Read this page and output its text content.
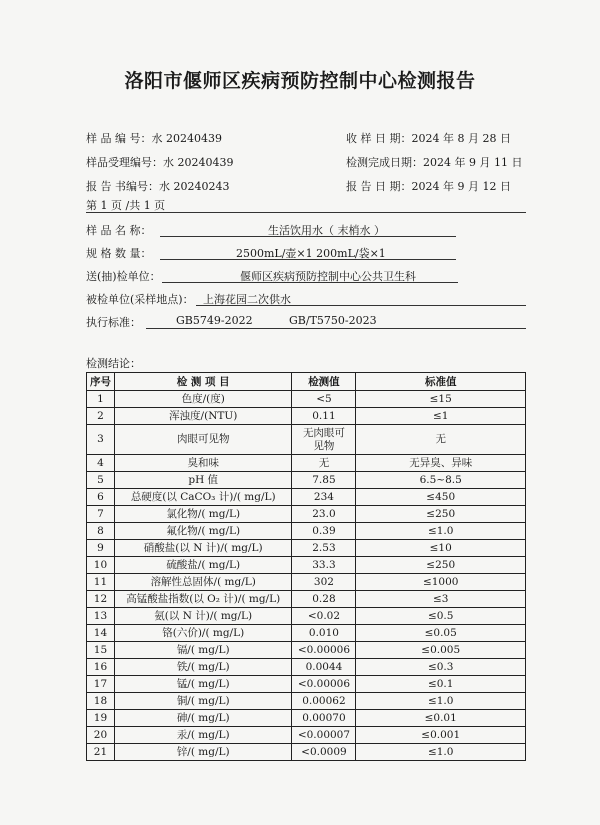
洛阳市偃师区疾病预防控制中心检测报告
样 品 编 号：水 20240439
样品受理编号：水 20240439
报 告 书编号：水 20240243
收 样 日 期：2024 年 8 月 28 日
检测完成日期：2024 年 9 月 11 日
报 告 日 期：2024 年 9 月 12 日
第 1 页 /共 1 页
样 品 名 称：	生活饮用水（ 末梢水 ）
规 格 数 量：	2500mL/壶×1 200mL/袋×1
送(抽)检单位：	偃师区疾病预防控制中心公共卫生科
被检单位(采样地点)： 上海花园二次供水
执行标准：	GB5749-2022	GB/T5750-2023
检测结论：
序号	检 测 项 目	检测值	标准值
1	色度/(度)	<5	≤15
2	浑浊度/(NTU)	0.11	≤1
3	肉眼可见物	无肉眼可见物	无
4	臭和味	无	无异臭、异味
5	pH 值	7.85	6.5~8.5
6	总硬度(以 CaCO₃ 计)/( mg/L)	234	≤450
7	氯化物/( mg/L)	23.0	≤250
8	氟化物/( mg/L)	0.39	≤1.0
9	硝酸盐(以 N 计)/( mg/L)	2.53	≤10
10	硫酸盐/( mg/L)	33.3	≤250
11	溶解性总固体/( mg/L)	302	≤1000
12	高锰酸盐指数(以 O₂ 计)/( mg/L)	0.28	≤3
13	氨(以 N 计)/( mg/L)	<0.02	≤0.5
14	铬(六价)/( mg/L)	0.010	≤0.05
15	镉/( mg/L)	<0.00006	≤0.005
16	铁/( mg/L)	0.0044	≤0.3
17	锰/( mg/L)	<0.00006	≤0.1
18	铜/( mg/L)	0.00062	≤1.0
19	砷/( mg/L)	0.00070	≤0.01
20	汞/( mg/L)	<0.00007	≤0.001
21	锌/( mg/L)	<0.0009	≤1.0
